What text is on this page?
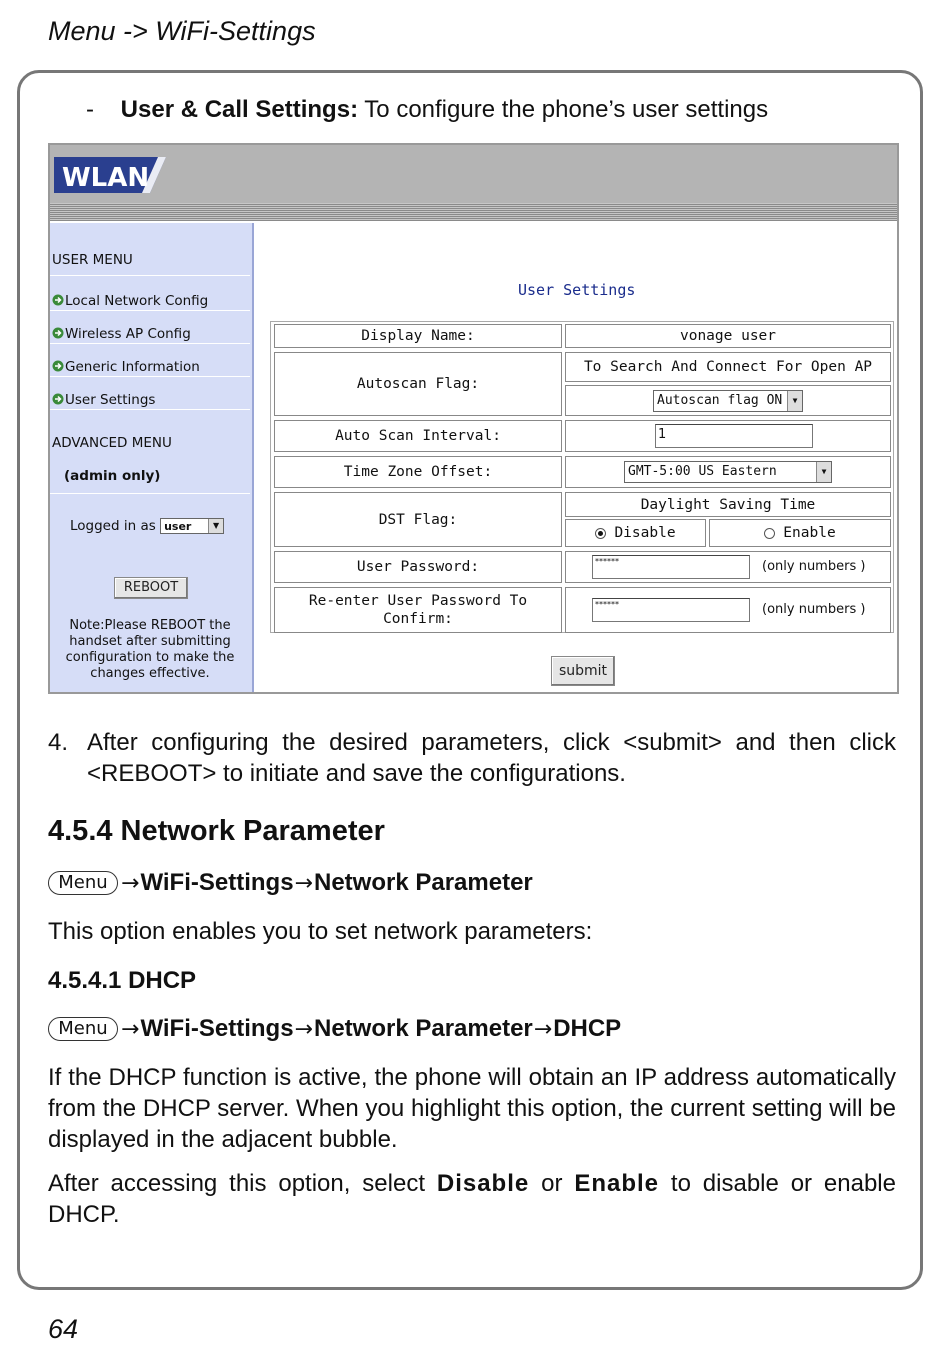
Menu -> WiFi-Settings
- User & Call Settings: To configure the phone’s user settings
WLAN
USER MENU
Local Network Config
Wireless AP Config
Generic Information
User Settings
ADVANCED MENU
(admin only)
Logged in as user	▼
REBOOT
Note:Please REBOOT the
handset after submitting
configuration to make the
changes effective.
User Settings
Display Name:	vonage user
Autoscan Flag:
To Search And Connect For Open AP
Autoscan flag ON	▼
Auto Scan Interval:	1
Time Zone Offset:	GMT-5:00 US Eastern	▼
DST Flag:
Daylight Saving Time
Disable	Enable
User Password:	******	(only numbers )
Re-enter User Password To Confirm:
******	(only numbers )
submit
4. After configuring the desired parameters, click <submit> and then click <REBOOT> to initiate and save the configurations.
4.5.4 Network Parameter
Menu → WiFi-Settings → Network Parameter
This option enables you to set network parameters:
4.5.4.1 DHCP
Menu → WiFi-Settings → Network Parameter → DHCP
If the DHCP function is active, the phone will obtain an IP address automatically from the DHCP server. When you highlight this option, the current setting will be displayed in the adjacent bubble.
After accessing this option, select Disable or Enable to disable or enable DHCP.
64
